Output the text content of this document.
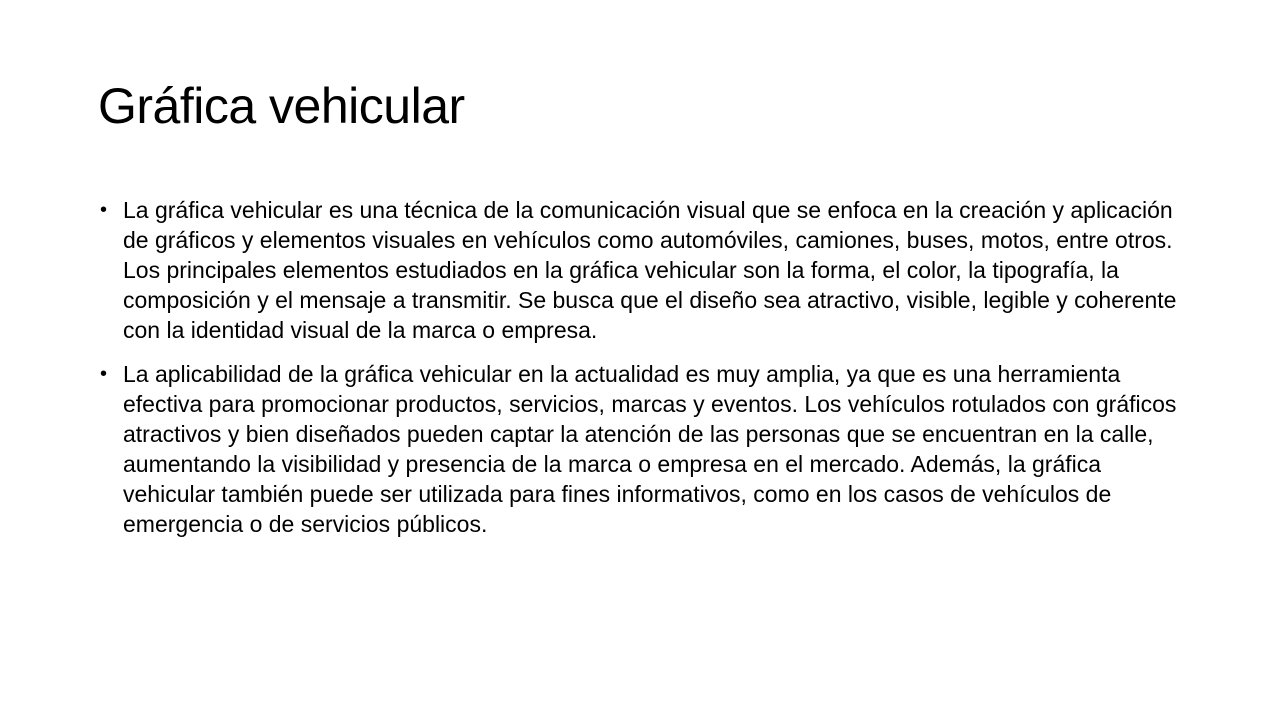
Gráfica vehicular
• La gráfica vehicular es una técnica de la comunicación visual que se enfoca en la creación y aplicación de gráficos y elementos visuales en vehículos como automóviles, camiones, buses, motos, entre otros. Los principales elementos estudiados en la gráfica vehicular son la forma, el color, la tipografía, la composición y el mensaje a transmitir. Se busca que el diseño sea atractivo, visible, legible y coherente con la identidad visual de la marca o empresa.
• La aplicabilidad de la gráfica vehicular en la actualidad es muy amplia, ya que es una herramienta efectiva para promocionar productos, servicios, marcas y eventos. Los vehículos rotulados con gráficos atractivos y bien diseñados pueden captar la atención de las personas que se encuentran en la calle, aumentando la visibilidad y presencia de la marca o empresa en el mercado. Además, la gráfica vehicular también puede ser utilizada para fines informativos, como en los casos de vehículos de emergencia o de servicios públicos.
